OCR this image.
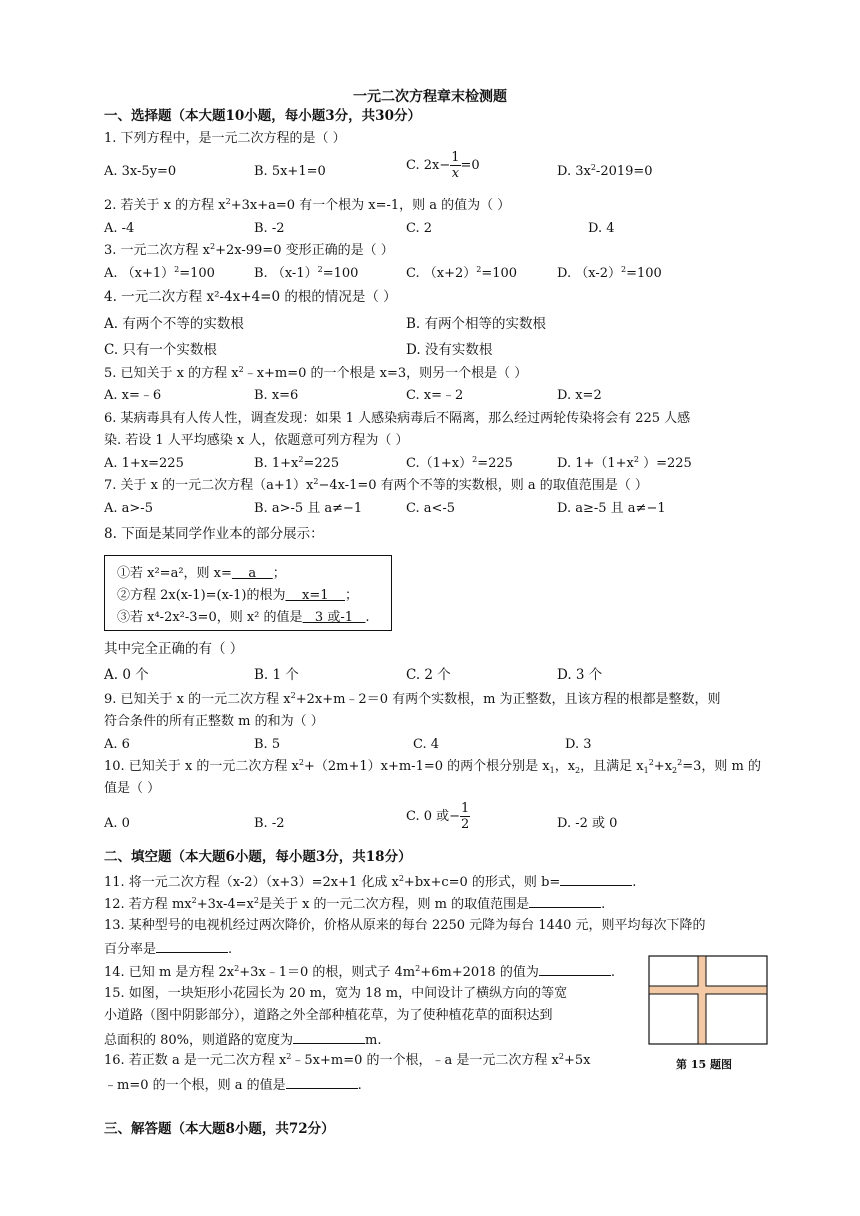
一元二次方程章末检测题
一、选择题（本大题10小题，每小题3分，共30分）
1. 下列方程中，是一元二次方程的是（ ）
A. 3x-5y=0	B. 5x+1=0	C. $2x- \frac{1}{x} =0$	D. $3x^2-2019=0$
2. 若关于 x 的方程 $x^2+3x+a=0$ 有一个根为 x=-1，则 a 的值为（ ）
A. -4	B. -2	C. 2	D. 4
3. 一元二次方程 $x^2+2x-99=0$ 变形正确的是（ ）
A. $(x+1)^2=100$	B. $(x-1)^2=100$	C. $(x+2)^2=100$	D. $(x-2)^2=100$
4. 一元二次方程 x²-4x+4=0 的根的情况是（ ）
A. 有两个不等的实数根	B. 有两个相等的实数根
C. 只有一个实数根	D. 没有实数根
5. 已知关于 x 的方程 $x^2﹣x+m=0$ 的一个根是 x=3，则另一个根是（ ）
A. x=﹣6	B. x=6	C. x=﹣2	D. x=2
6. 某病毒具有人传人性，调查发现：如果 1 人感染病毒后不隔离，那么经过两轮传染将会有 225 人感
染. 若设 1 人平均感染 x 人，依题意可列方程为（ ）
A. 1+x=225	B. $1+x^2=225$	$C.(1+x)^2=225$	D. $1+(1+x^2$ ）=225
7. 关于 x 的一元二次方程$(a+1)x^2-4x-1=0$ 有两个不等的实数根，则 a 的取值范围是（ ）
A. a>-5	B. a>-5 且 a≠−1	C. a<-5	D. a≥-5 且 a≠−1
8. 下面是某同学作业本的部分展示：
①若 x²=a²，则 x=    a    ；
②方程 2x(x-1)=(x-1)的根为    x=1    ；
③若 x⁴-2x²-3=0，则 x² 的值是   3 或-1   .
其中完全正确的有（ ）
A. 0 个	B. 1 个	C. 2 个	D. 3 个
9. 已知关于 x 的一元二次方程 $x^2+2x+m﹣2=0$ 有两个实数根，m 为正整数，且该方程的根都是整数，则
符合条件的所有正整数 m 的和为（ ）
A. 6	B. 5	C. 4	D. 3
10. 已知关于 x 的一元二次方程 $x^2+(2m+1)x+m-1=0$ 的两个根分别是 $x_1$，$x_2$，且满足 $x_1^2+x_2^2=3$，则 m 的
值是（ ）
A. 0	B. -2	C. 0 或− $\frac{1}{2}$	D. -2 或 0
二、填空题（本大题6小题，每小题3分，共18分）
11. 将一元二次方程（x-2）（x+3）=2x+1 化成 $x^2+bx+c=0$ 的形式，则 b=	.
12. 若方程 $mx^2+3x-4=x^2$是关于 x 的一元二次方程，则 m 的取值范围是	.
13. 某种型号的电视机经过两次降价，价格从原来的每台 2250 元降为每台 1440 元，则平均每次下降的
百分率是	.
14. 已知 m 是方程 $2x^2+3x﹣1=0$ 的根，则式子 $4m^2+6m+2018$ 的值为	.
15. 如图，一块矩形小花园长为 20 m，宽为 18 m，中间设计了横纵方向的等宽
小道路（图中阴影部分），道路之外全部种植花草，为了使种植花草的面积达到
总面积的 80%，则道路的宽度为	m.
16. 若正数 a 是一元二次方程 $x^2﹣5x+m=0$ 的一个根，﹣a 是一元二次方程 $x^2+5x$
﹣m=0 的一个根，则 a 的值是	.
第 15 题图
三、解答题（本大题8小题，共72分）
